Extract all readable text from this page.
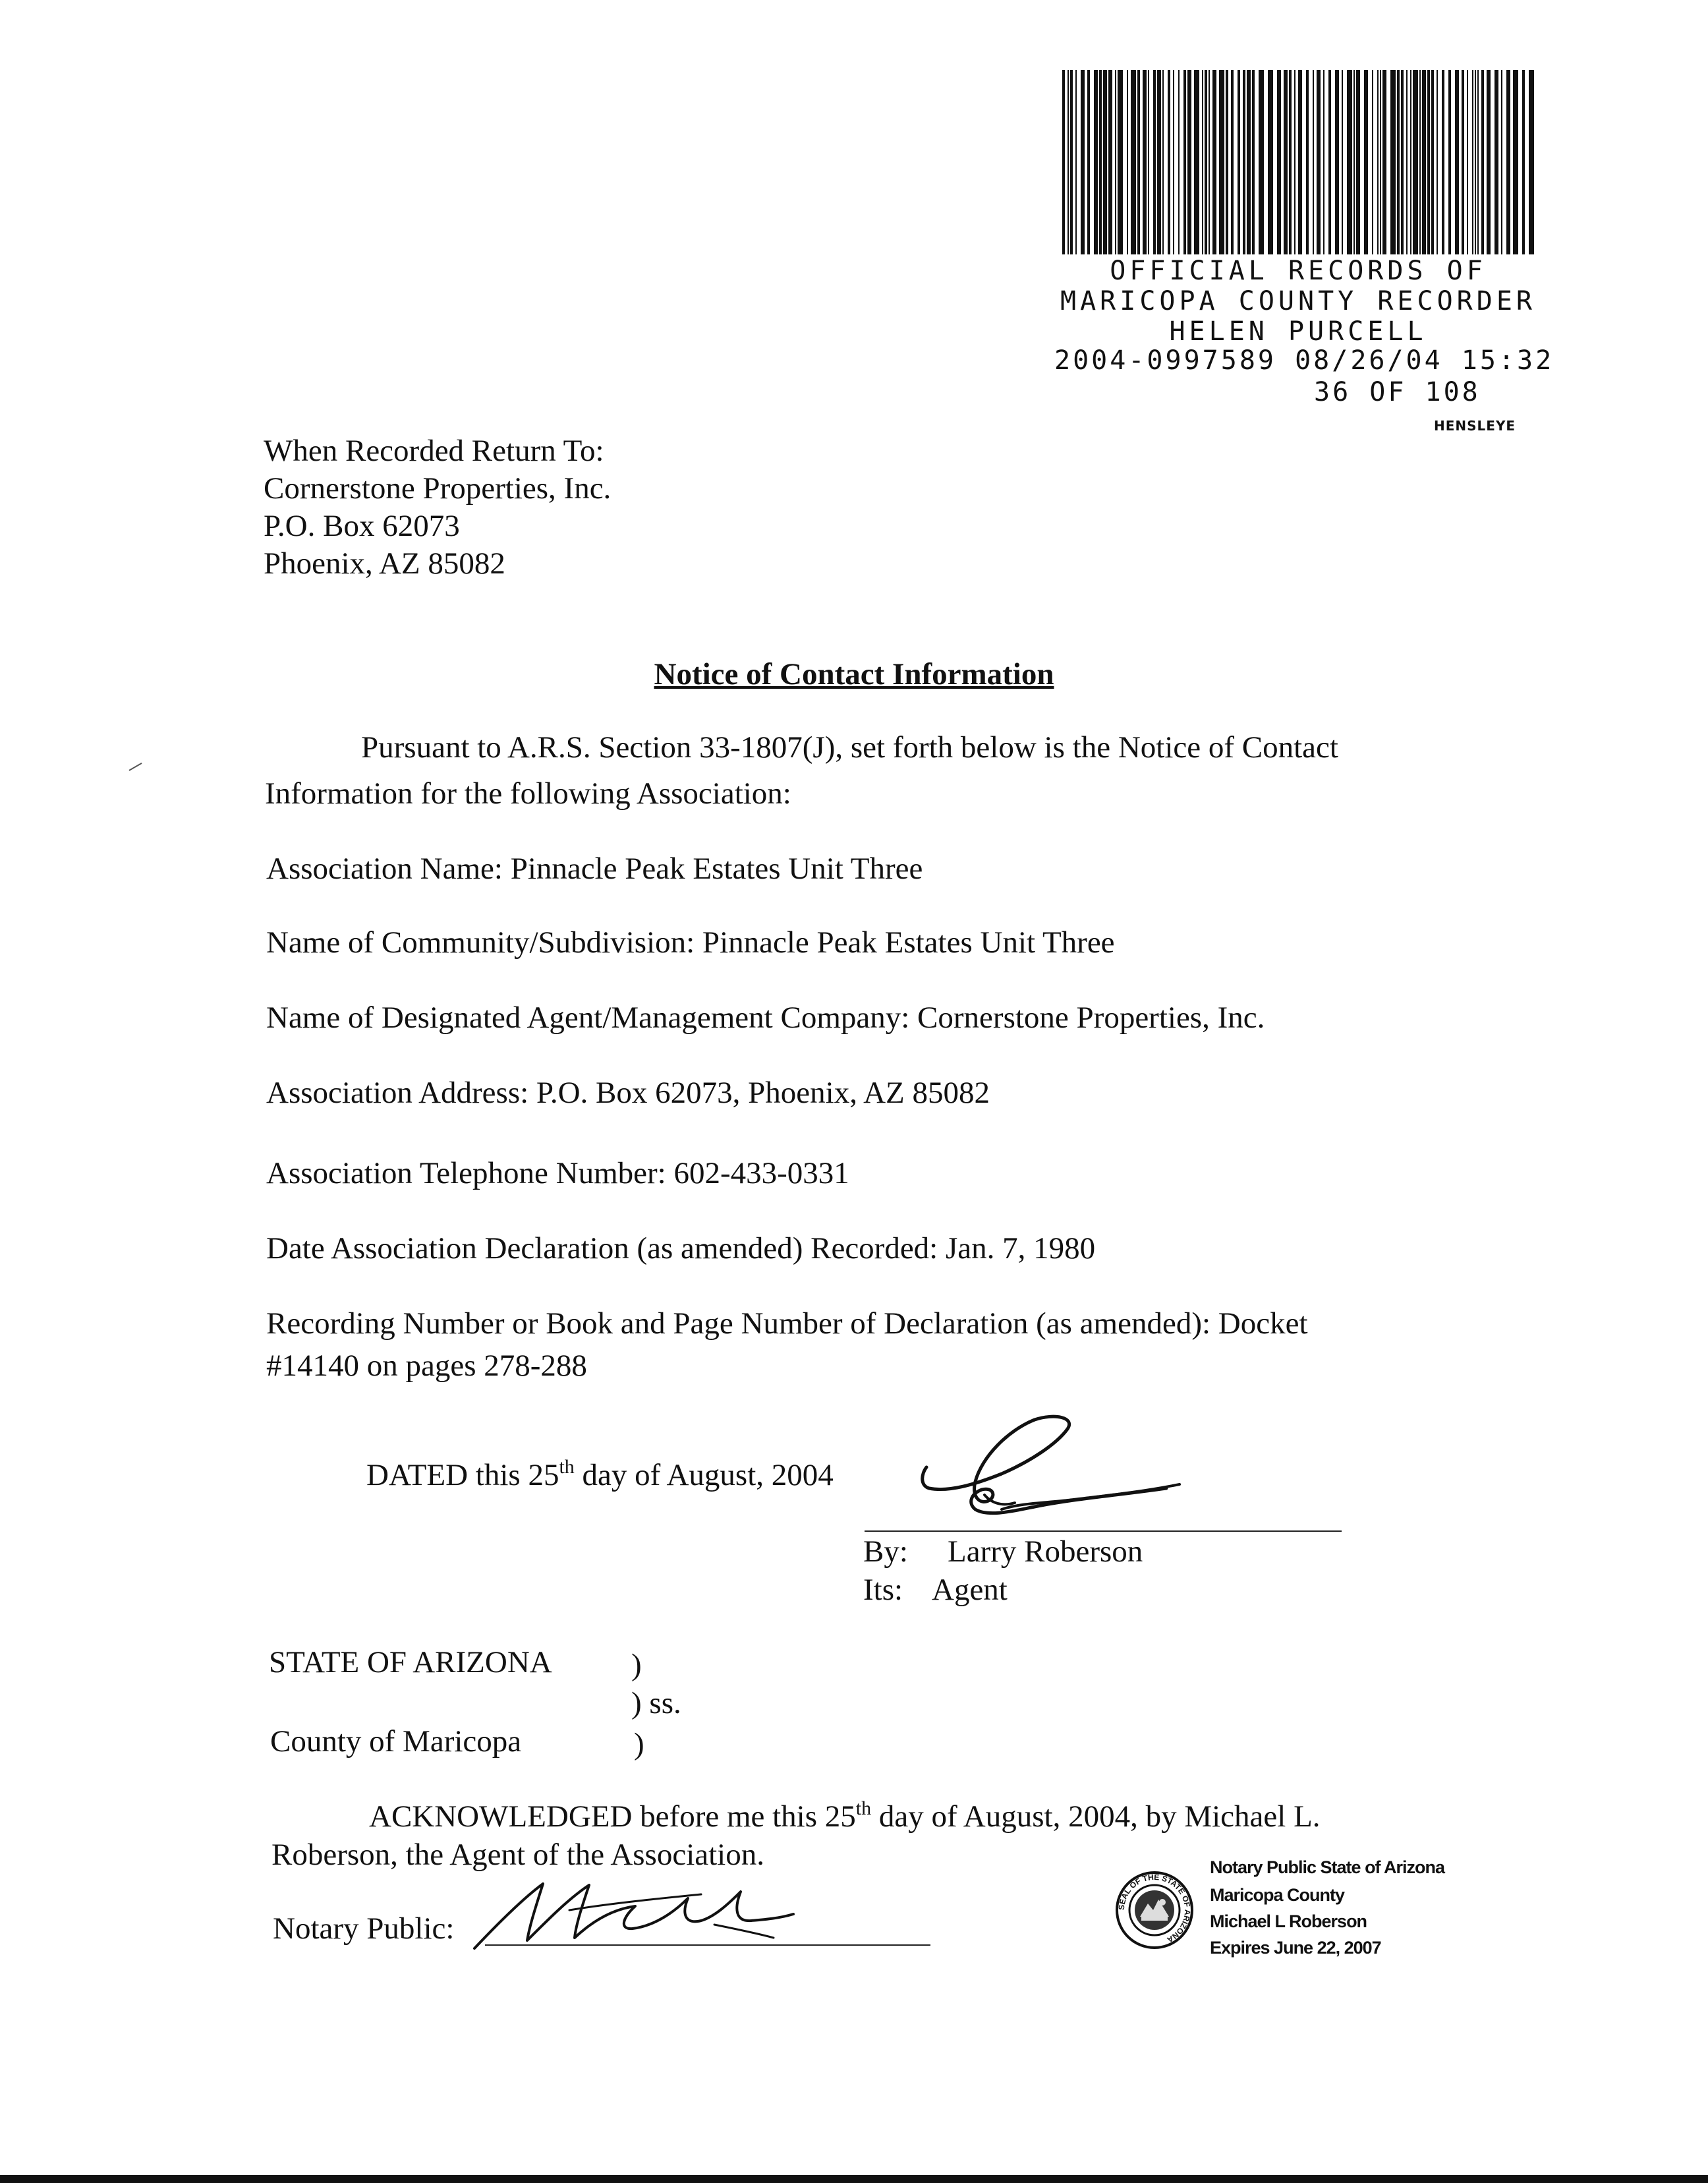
OFFICIAL RECORDS OF
MARICOPA COUNTY RECORDER
HELEN PURCELL
2004-0997589 08/26/04 15:32
36 OF 108
HENSLEYE
When Recorded Return To:
Cornerstone Properties, Inc.
P.O. Box 62073
Phoenix, AZ 85082
Notice of Contact Information
Pursuant to A.R.S. Section 33-1807(J), set forth below is the Notice of Contact
Information for the following Association:
Association Name: Pinnacle Peak Estates Unit Three
Name of Community/Subdivision: Pinnacle Peak Estates Unit Three
Name of Designated Agent/Management Company: Cornerstone Properties, Inc.
Association Address: P.O. Box 62073, Phoenix, AZ 85082
Association Telephone Number: 602-433-0331
Date Association Declaration (as amended) Recorded: Jan. 7, 1980
Recording Number or Book and Page Number of Declaration (as amended): Docket
#14140 on pages 278-288
DATED this 25th day of August, 2004
By: Larry Roberson
Its: Agent
STATE OF ARIZONA	)
) ss.
County of Maricopa	)
ACKNOWLEDGED before me this 25th day of August, 2004, by Michael L.
Roberson, the Agent of the Association.
Notary Public:
SEAL OF THE STATE OF ARIZONA
Notary Public State of Arizona
Maricopa County
Michael L Roberson
Expires June 22, 2007
